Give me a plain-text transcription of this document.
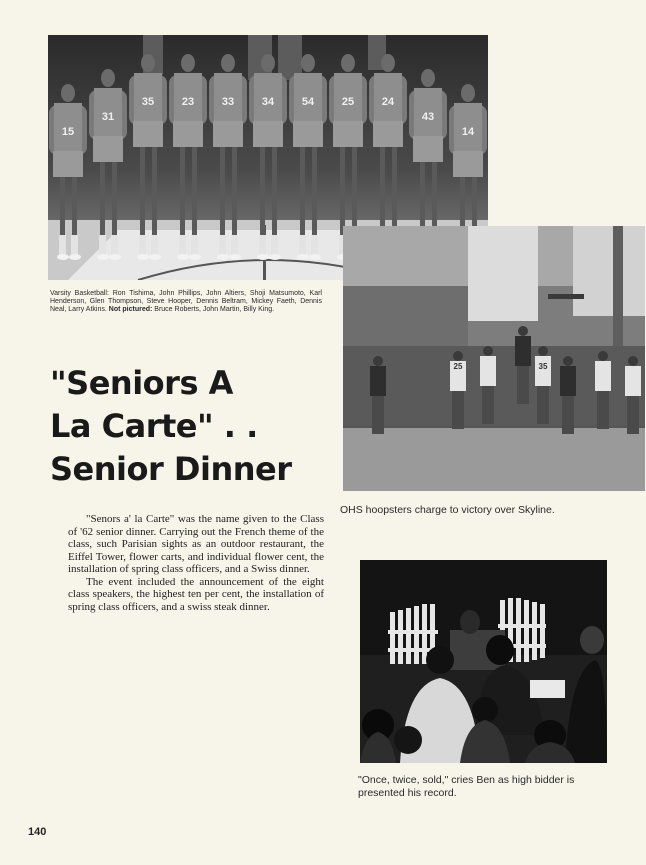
15
31
35	23	33	34	54	25	24
43
14
Varsity Basketball: Ron Tishima, John Phillips, John Altiers, Shoji Matsumoto, Karl Henderson, Glen Thompson, Steve Hooper, Dennis Beltram, Mickey Faeth, Dennis Neal, Larry Atkins. Not pictured: Bruce Roberts, John Martin, Billy King.
"Seniors A
La Carte" . .
Senior Dinner

"Senors a' la Carte" was the name given to the Class of '62 senior dinner. Carrying out the French theme of the class, such Parisian sights as an outdoor restaurant, the Eiffel Tower, flower carts, and individual flower cent, the installation of spring class officers, and a Swiss dinner.

The event included the announcement of the eight class speakers, the highest ten per cent, the installation of spring class officers, and a swiss steak dinner.

25	35
OHS hoopsters charge to victory over Skyline.
"Once, twice, sold," cries Ben as high bidder is presented his record.
140
